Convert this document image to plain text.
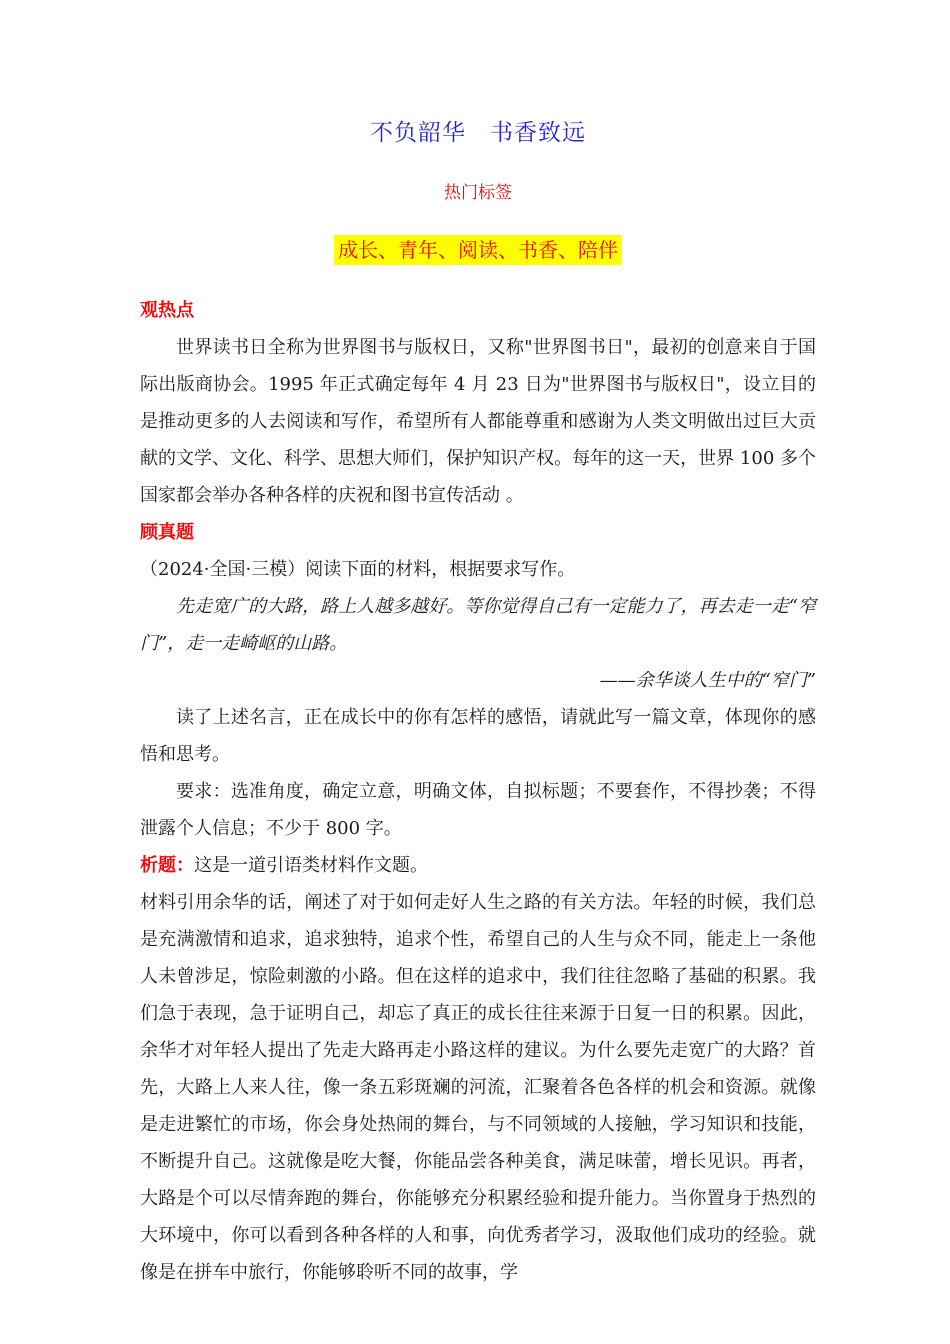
不负韶华　书香致远
热门标签
成长、青年、阅读、书香、陪伴

观热点

世界读书日全称为世界图书与版权日，又称"世界图书日"，最初的创意来自于国际出版商协会。1995 年正式确定每年 4 月 23 日为"世界图书与版权日"，设立目的是推动更多的人去阅读和写作，希望所有人都能尊重和感谢为人类文明做出过巨大贡献的文学、文化、科学、思想大师们，保护知识产权。每年的这一天，世界 100 多个国家都会举办各种各样的庆祝和图书宣传活动 。

顾真题

（2024·全国·三模）阅读下面的材料，根据要求写作。

先走宽广的大路，路上人越多越好。等你觉得自己有一定能力了，再去走一走“窄门”，走一走崎岖的山路。

——余华谈人生中的“窄门”

读了上述名言，正在成长中的你有怎样的感悟，请就此写一篇文章，体现你的感悟和思考。

要求：选准角度，确定立意，明确文体，自拟标题；不要套作，不得抄袭；不得泄露个人信息；不少于 800 字。

析题：这是一道引语类材料作文题。

材料引用余华的话，阐述了对于如何走好人生之路的有关方法。年轻的时候，我们总是充满激情和追求，追求独特，追求个性，希望自己的人生与众不同，能走上一条他人未曾涉足，惊险刺激的小路。但在这样的追求中，我们往往忽略了基础的积累。我们急于表现，急于证明自己，却忘了真正的成长往往来源于日复一日的积累。因此，余华才对年轻人提出了先走大路再走小路这样的建议。为什么要先走宽广的大路？首先，大路上人来人往，像一条五彩斑斓的河流，汇聚着各色各样的机会和资源。就像是走进繁忙的市场，你会身处热闹的舞台，与不同领域的人接触，学习知识和技能，不断提升自己。这就像是吃大餐，你能品尝各种美食，满足味蕾，增长见识。再者，大路是个可以尽情奔跑的舞台，你能够充分积累经验和提升能力。当你置身于热烈的大环境中，你可以看到各种各样的人和事，向优秀者学习，汲取他们成功的经验。就像是在拼车中旅行，你能够聆听不同的故事，学
